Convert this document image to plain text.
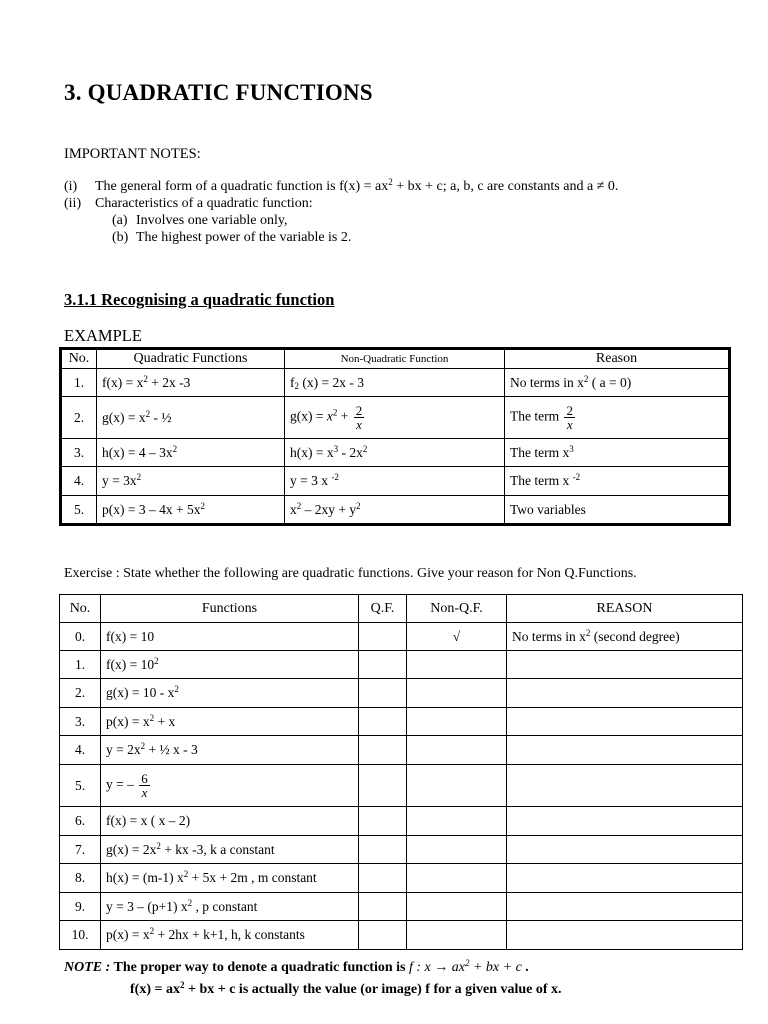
3. QUADRATIC FUNCTIONS
IMPORTANT NOTES:
(i) The general form of a quadratic function is $f(x) = ax^2$ + bx + c; a, b, c are constants and a ≠ 0.
(ii) Characteristics of a quadratic function:
(a) Involves one variable only,
(b) The highest power of the variable is 2.
3.1.1 Recognising a quadratic function
EXAMPLE
No.	Quadratic Functions	Non-Quadratic Function	Reason
1.	$f(x) = x^2 + 2x$ -3	$f_2$ (x) = 2x - 3	No terms in $x^2$ ( a = 0)
2.	$g(x) = x^2$ - ½	$g(x) = x^2 + \frac{2}{x}$	The term $\frac{2}{x}$

3.	$h(x) = 4 - 3x^2$	$h(x) = x^3 - 2x^2$	The term $x^3$
4.	$y = 3x^2$	y = 3 x $^{-2}$	The term x $^{-2}$
5.	$p(x) = 3 - 4x + 5x^2$	$x^2 - 2xy + y^2$	Two variables
Exercise : State whether the following are quadratic functions. Give your reason for Non Q.Functions.
No.	Functions	Q.F.	Non-Q.F.	REASON
0.	f(x) = 10		√	No terms in $x^2$ (second degree)
1.	$f(x) = 10^2$			
2.	$g(x) = 10 - x^2$			
3.	$p(x) = x^2 + x$			
4.	$y = 2x^2$ + ½ x - 3			
5.	y = – $\frac{6}{x}$

6.	f(x) = x ( x – 2)			
7.	$g(x) = 2x^2$ + kx -3, k a constant			
8.	h(x) = (m-1) $x^2 + 5x + 2m$ , m constant			
9.	y = 3 – (p+1) $x^2$ , p constant			
10.	$p(x) = x^2 + 2hx + k+1$, h, k constants			
NOTE : The proper way to denote a quadratic function is f : $x \to ax^2$ + bx + c .
$f(x) = ax^2$ + bx + c is actually the value (or image) f for a given value of x.
